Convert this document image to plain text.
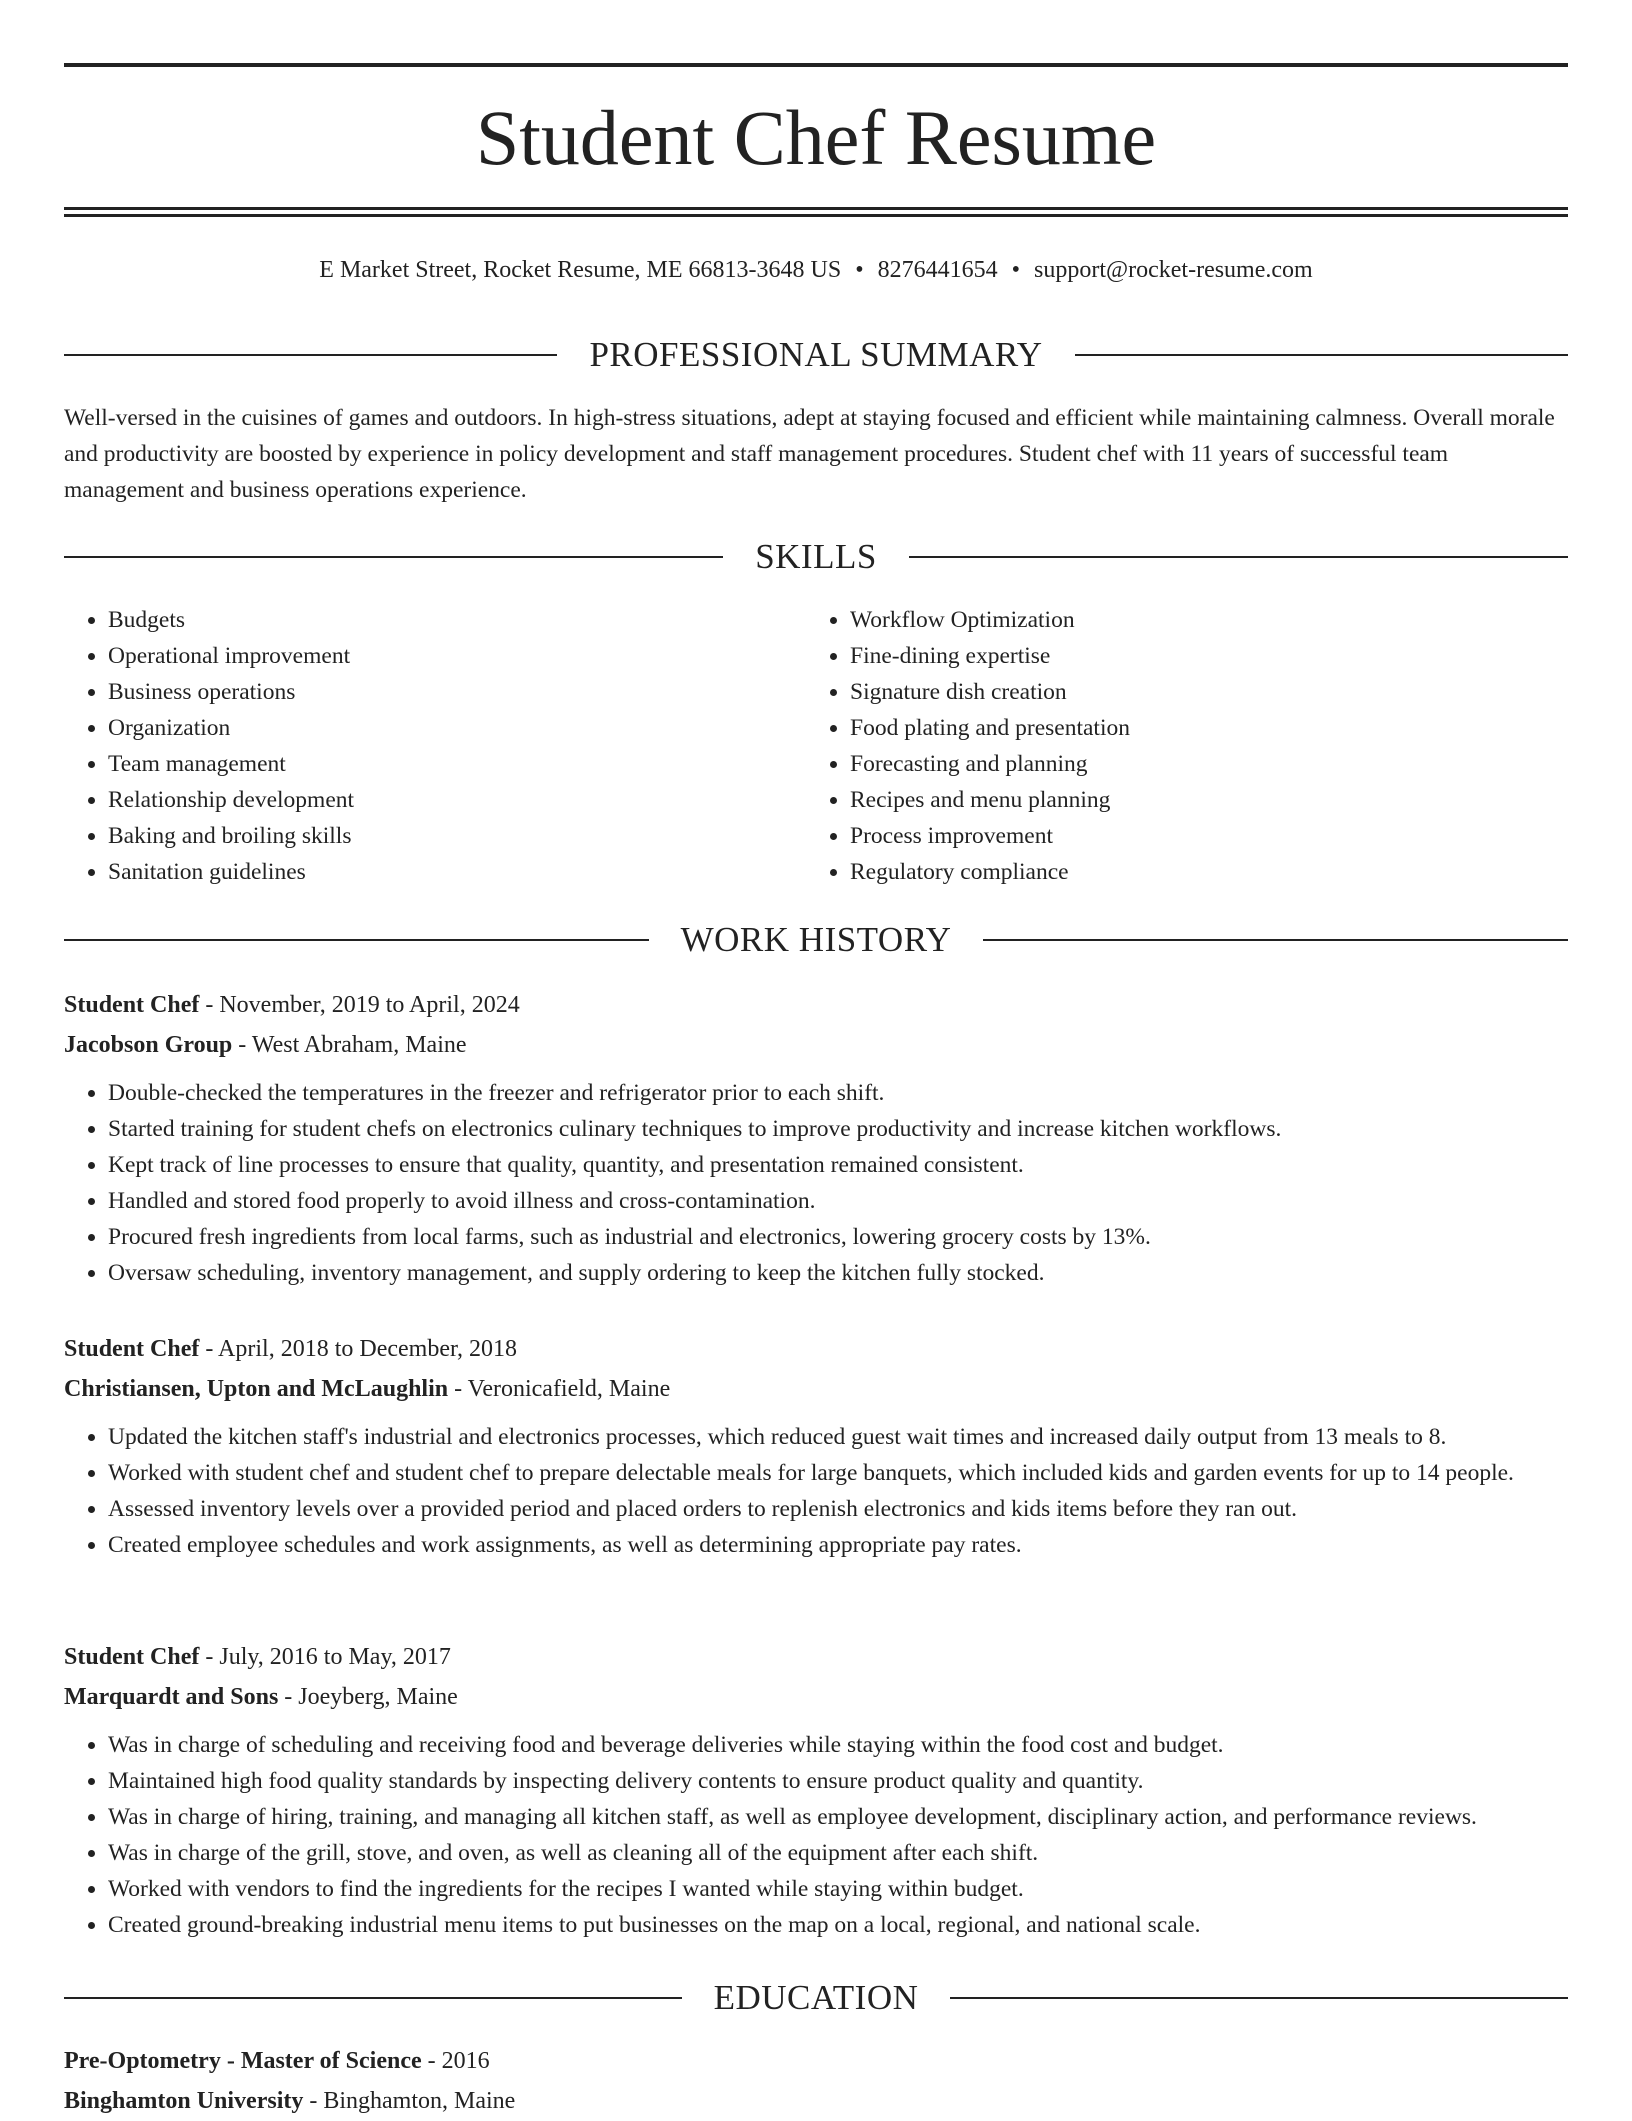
Student Chef Resume
E Market Street, Rocket Resume, ME 66813-3648 US • 8276441654 • support@rocket-resume.com
PROFESSIONAL SUMMARY

Well-versed in the cuisines of games and outdoors. In high-stress situations, adept at staying focused and efficient while maintaining calmness. Overall morale and productivity are boosted by experience in policy development and staff management procedures. Student chef with 11 years of successful team management and business operations experience.

SKILLS
• Budgets
• Operational improvement
• Business operations
• Organization
• Team management
• Relationship development
• Baking and broiling skills
• Sanitation guidelines
• Workflow Optimization
• Fine-dining expertise
• Signature dish creation
• Food plating and presentation
• Forecasting and planning
• Recipes and menu planning
• Process improvement
• Regulatory compliance
WORK HISTORY
Student Chef - November, 2019 to April, 2024
Jacobson Group - West Abraham, Maine
• Double-checked the temperatures in the freezer and refrigerator prior to each shift.
• Started training for student chefs on electronics culinary techniques to improve productivity and increase kitchen workflows.
• Kept track of line processes to ensure that quality, quantity, and presentation remained consistent.
• Handled and stored food properly to avoid illness and cross-contamination.
• Procured fresh ingredients from local farms, such as industrial and electronics, lowering grocery costs by 13%.
• Oversaw scheduling, inventory management, and supply ordering to keep the kitchen fully stocked.
Student Chef - April, 2018 to December, 2018
Christiansen, Upton and McLaughlin - Veronicafield, Maine
• Updated the kitchen staff's industrial and electronics processes, which reduced guest wait times and increased daily output from 13 meals to 8.
• Worked with student chef and student chef to prepare delectable meals for large banquets, which included kids and garden events for up to 14 people.
• Assessed inventory levels over a provided period and placed orders to replenish electronics and kids items before they ran out.
• Created employee schedules and work assignments, as well as determining appropriate pay rates.
Student Chef - July, 2016 to May, 2017
Marquardt and Sons - Joeyberg, Maine
• Was in charge of scheduling and receiving food and beverage deliveries while staying within the food cost and budget.
• Maintained high food quality standards by inspecting delivery contents to ensure product quality and quantity.
• Was in charge of hiring, training, and managing all kitchen staff, as well as employee development, disciplinary action, and performance reviews.
• Was in charge of the grill, stove, and oven, as well as cleaning all of the equipment after each shift.
• Worked with vendors to find the ingredients for the recipes I wanted while staying within budget.
• Created ground-breaking industrial menu items to put businesses on the map on a local, regional, and national scale.
EDUCATION
Pre-Optometry - Master of Science - 2016
Binghamton University - Binghamton, Maine
